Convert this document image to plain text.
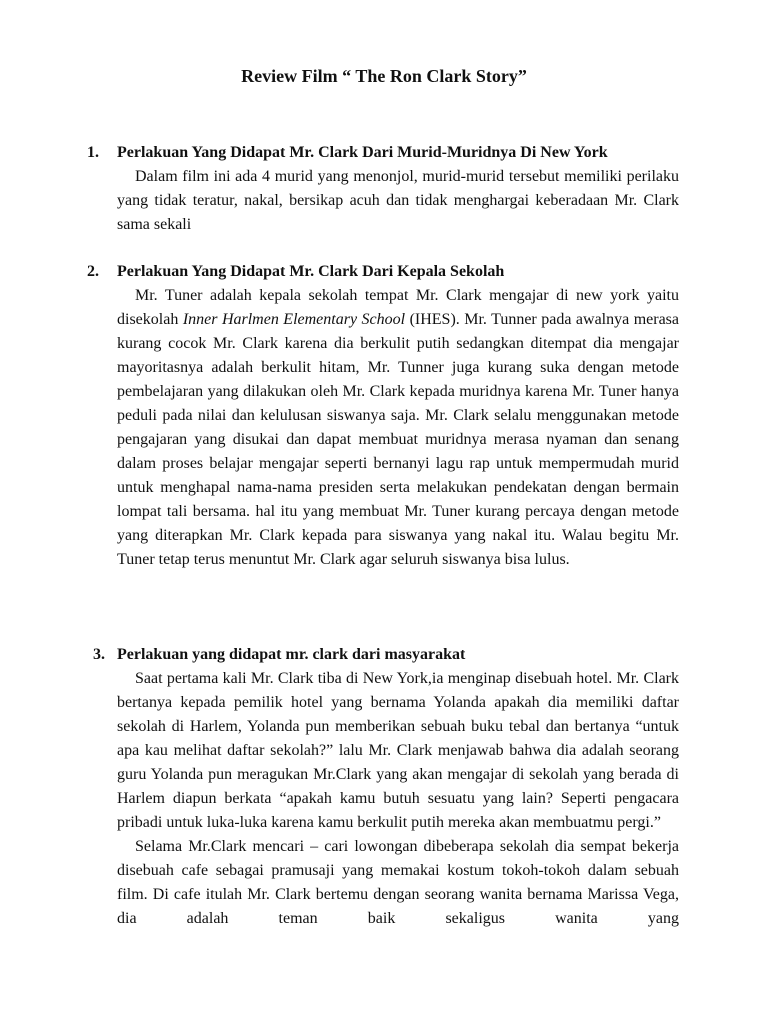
Review Film “ The Ron Clark Story”

1.	Perlakuan Yang Didapat Mr. Clark Dari Murid-Muridnya Di New York

Dalam film ini ada 4 murid yang menonjol, murid-murid tersebut memiliki perilaku yang tidak teratur, nakal, bersikap acuh dan tidak menghargai keberadaan Mr. Clark sama sekali

2.	Perlakuan Yang Didapat Mr. Clark Dari Kepala Sekolah

Mr. Tuner adalah kepala sekolah tempat Mr. Clark mengajar di new york yaitu disekolah Inner Harlmen Elementary School (IHES). Mr. Tunner pada awalnya merasa kurang cocok Mr. Clark karena dia berkulit putih sedangkan ditempat dia mengajar mayoritasnya adalah berkulit hitam, Mr. Tunner juga kurang suka dengan metode pembelajaran yang dilakukan oleh Mr. Clark kepada muridnya karena Mr. Tuner hanya peduli pada nilai dan kelulusan siswanya saja. Mr. Clark selalu menggunakan metode pengajaran yang disukai dan dapat membuat muridnya merasa nyaman dan senang dalam proses belajar mengajar seperti bernanyi lagu rap untuk mempermudah murid untuk menghapal nama-nama presiden serta melakukan pendekatan dengan bermain lompat tali bersama. hal itu yang membuat Mr. Tuner kurang percaya dengan metode yang diterapkan Mr. Clark kepada para siswanya yang nakal itu. Walau begitu Mr. Tuner tetap terus menuntut Mr. Clark agar seluruh siswanya bisa lulus.

3. Perlakuan yang didapat mr. clark dari masyarakat

Saat pertama kali Mr. Clark tiba di New York,ia menginap disebuah hotel. Mr. Clark bertanya kepada pemilik hotel yang bernama Yolanda apakah dia memiliki daftar sekolah di Harlem, Yolanda pun memberikan sebuah buku tebal dan bertanya “untuk apa kau melihat daftar sekolah?” lalu Mr. Clark menjawab bahwa dia adalah seorang guru Yolanda pun meragukan Mr.Clark yang akan mengajar di sekolah yang berada di Harlem diapun berkata “apakah kamu butuh sesuatu yang lain? Seperti pengacara pribadi untuk luka-luka karena kamu berkulit putih mereka akan membuatmu pergi.”

Selama Mr.Clark mencari – cari lowongan dibeberapa sekolah dia sempat bekerja disebuah cafe sebagai pramusaji yang memakai kostum tokoh-tokoh dalam sebuah film. Di cafe itulah Mr. Clark bertemu dengan seorang wanita bernama Marissa Vega, dia adalah teman baik sekaligus wanita yang
